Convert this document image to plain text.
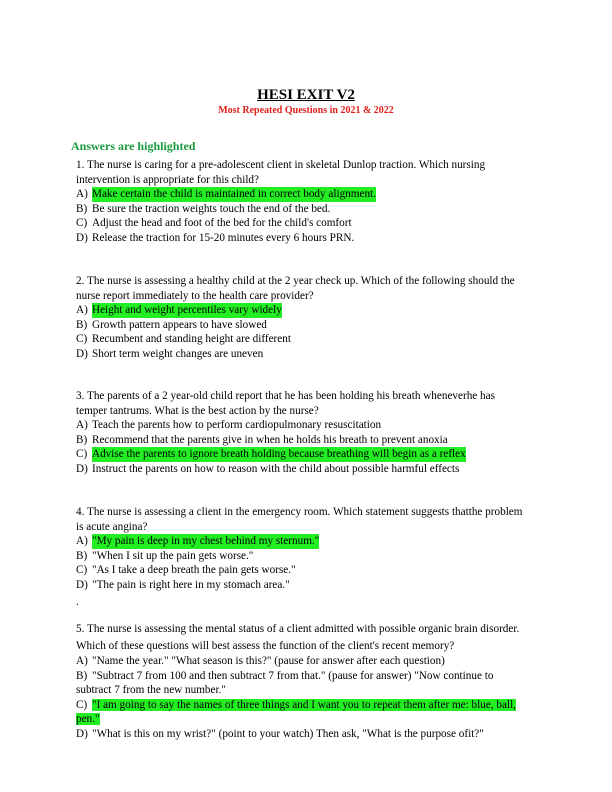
HESI EXIT V2
Most Repeated Questions in 2021 & 2022
Answers are highlighted

1. The nurse is caring for a pre-adolescent client in skeletal Dunlop traction. Which nursing intervention is appropriate for this child?

A) Make certain the child is maintained in correct body alignment.
B) Be sure the traction weights touch the end of the bed.
C) Adjust the head and foot of the bed for the child's comfort
D) Release the traction for 15-20 minutes every 6 hours PRN.

2. The nurse is assessing a healthy child at the 2 year check up. Which of the following should the nurse report immediately to the health care provider?

A) Height and weight percentiles vary widely
B) Growth pattern appears to have slowed
C) Recumbent and standing height are different
D) Short term weight changes are uneven

3. The parents of a 2 year-old child report that he has been holding his breath wheneverhe has temper tantrums. What is the best action by the nurse?

A) Teach the parents how to perform cardiopulmonary resuscitation
B) Recommend that the parents give in when he holds his breath to prevent anoxia
C) Advise the parents to ignore breath holding because breathing will begin as a reflex
D) Instruct the parents on how to reason with the child about possible harmful effects

4. The nurse is assessing a client in the emergency room. Which statement suggests thatthe problem is acute angina?

A) "My pain is deep in my chest behind my sternum."
B) "When I sit up the pain gets worse."
C) "As I take a deep breath the pain gets worse."
D) "The pain is right here in my stomach area."

.

5. The nurse is assessing the mental status of a client admitted with possible organic brain disorder. Which of these questions will best assess the function of the client's recent memory?

A) "Name the year." "What season is this?" (pause for answer after each question)
B) "Subtract 7 from 100 and then subtract 7 from that." (pause for answer) "Now continue to subtract 7 from the new number."
C) "I am going to say the names of three things and I want you to repeat them after me: blue, ball, pen."
D) "What is this on my wrist?" (point to your watch) Then ask, "What is the purpose ofit?"
